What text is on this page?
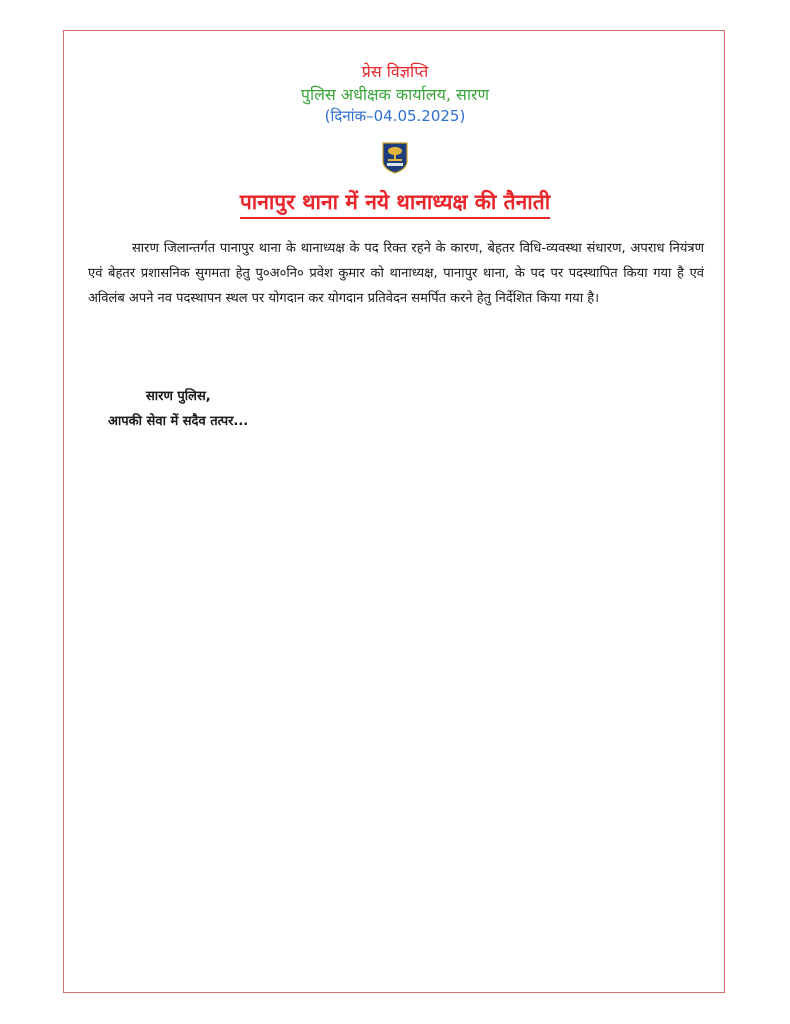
प्रेस विज्ञप्ति
पुलिस अधीक्षक कार्यालय, सारण
(दिनांक–04.05.2025)
पानापुर थाना में नये थानाध्यक्ष की तैनाती
सारण जिलान्तर्गत पानापुर थाना के थानाध्यक्ष के पद रिक्त रहने के कारण, बेहतर विधि-व्यवस्था संधारण, अपराध नियंत्रण एवं बेहतर प्रशासनिक सुगमता हेतु पु०अ०नि० प्रवेश कुमार को थानाध्यक्ष, पानापुर थाना, के पद पर पदस्थापित किया गया है एवं अविलंब अपने नव पदस्थापन स्थल पर योगदान कर योगदान प्रतिवेदन समर्पित करने हेतु निर्देशित किया गया है।
सारण पुलिस,
आपकी सेवा में सदैव तत्पर...
